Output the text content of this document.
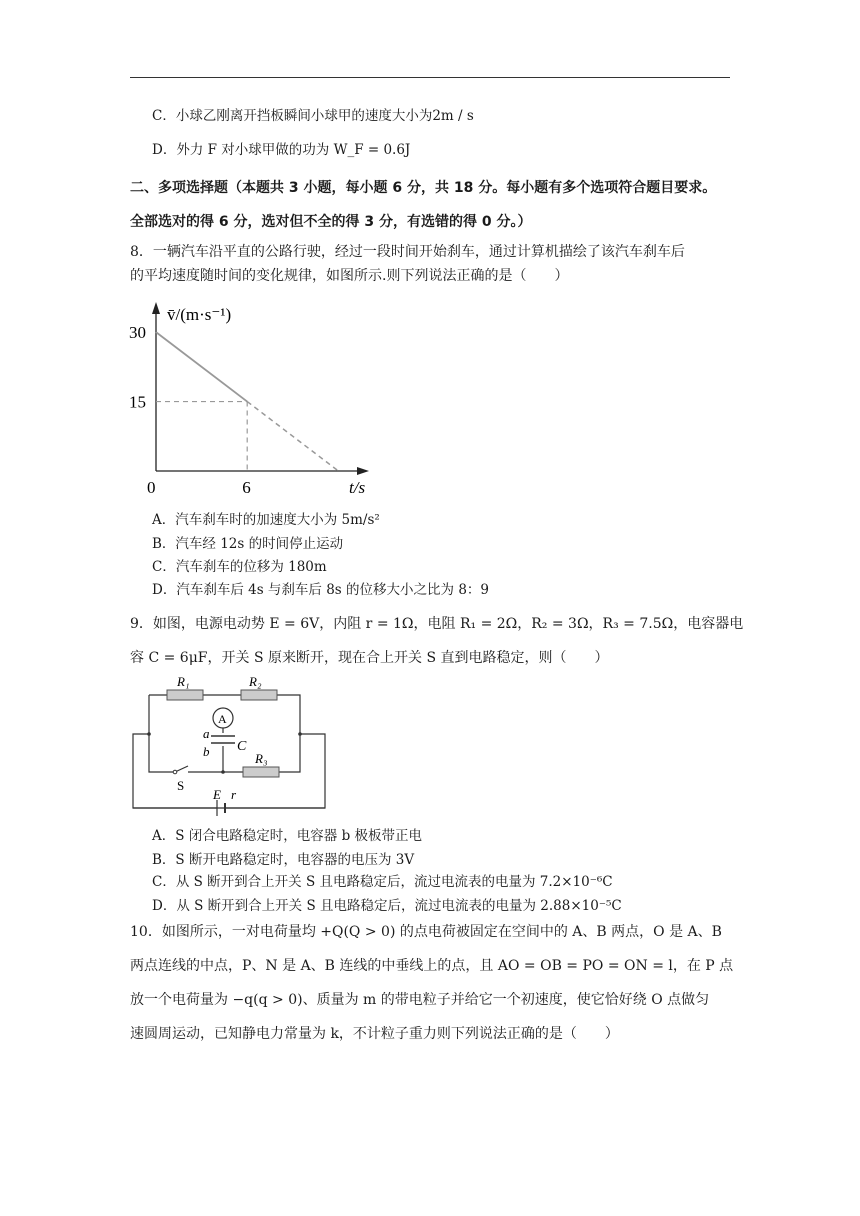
C．小球乙刚离开挡板瞬间小球甲的速度大小为2m / s
D．外力 F 对小球甲做的功为 W_F = 0.6J
二、多项选择题（本题共 3 小题，每小题 6 分，共 18 分。每小题有多个选项符合题目要求。
全部选对的得 6 分，选对但不全的得 3 分，有选错的得 0 分。）
8．一辆汽车沿平直的公路行驶，经过一段时间开始刹车，通过计算机描绘了该汽车刹车后
的平均速度随时间的变化规律，如图所示.则下列说法正确的是（　　）
30
15
0	6
v̄/(m·s⁻¹)
t/s
A．汽车刹车时的加速度大小为 5m/s²
B．汽车经 12s 的时间停止运动
C．汽车刹车的位移为 180m
D．汽车刹车后 4s 与刹车后 8s 的位移大小之比为 8：9
9．如图，电源电动势 E = 6V，内阻 r = 1Ω，电阻 R₁ = 2Ω，R₂ = 3Ω，R₃ = 7.5Ω，电容器电
容 C = 6μF，开关 S 原来断开，现在合上开关 S 直到电路稳定，则（　　）
R₁	R₂
A
a
b C
R₃
S
E r
A．S 闭合电路稳定时，电容器 b 极板带正电
B．S 断开电路稳定时，电容器的电压为 3V
C．从 S 断开到合上开关 S 且电路稳定后，流过电流表的电量为 7.2×10⁻⁶C
D．从 S 断开到合上开关 S 且电路稳定后，流过电流表的电量为 2.88×10⁻⁵C
10．如图所示，一对电荷量均 +Q(Q > 0) 的点电荷被固定在空间中的 A、B 两点，O 是 A、B
两点连线的中点，P、N 是 A、B 连线的中垂线上的点，且 AO = OB = PO = ON = l，在 P 点
放一个电荷量为 −q(q > 0)、质量为 m 的带电粒子并给它一个初速度，使它恰好绕 O 点做匀
速圆周运动，已知静电力常量为 k，不计粒子重力则下列说法正确的是（　　）
